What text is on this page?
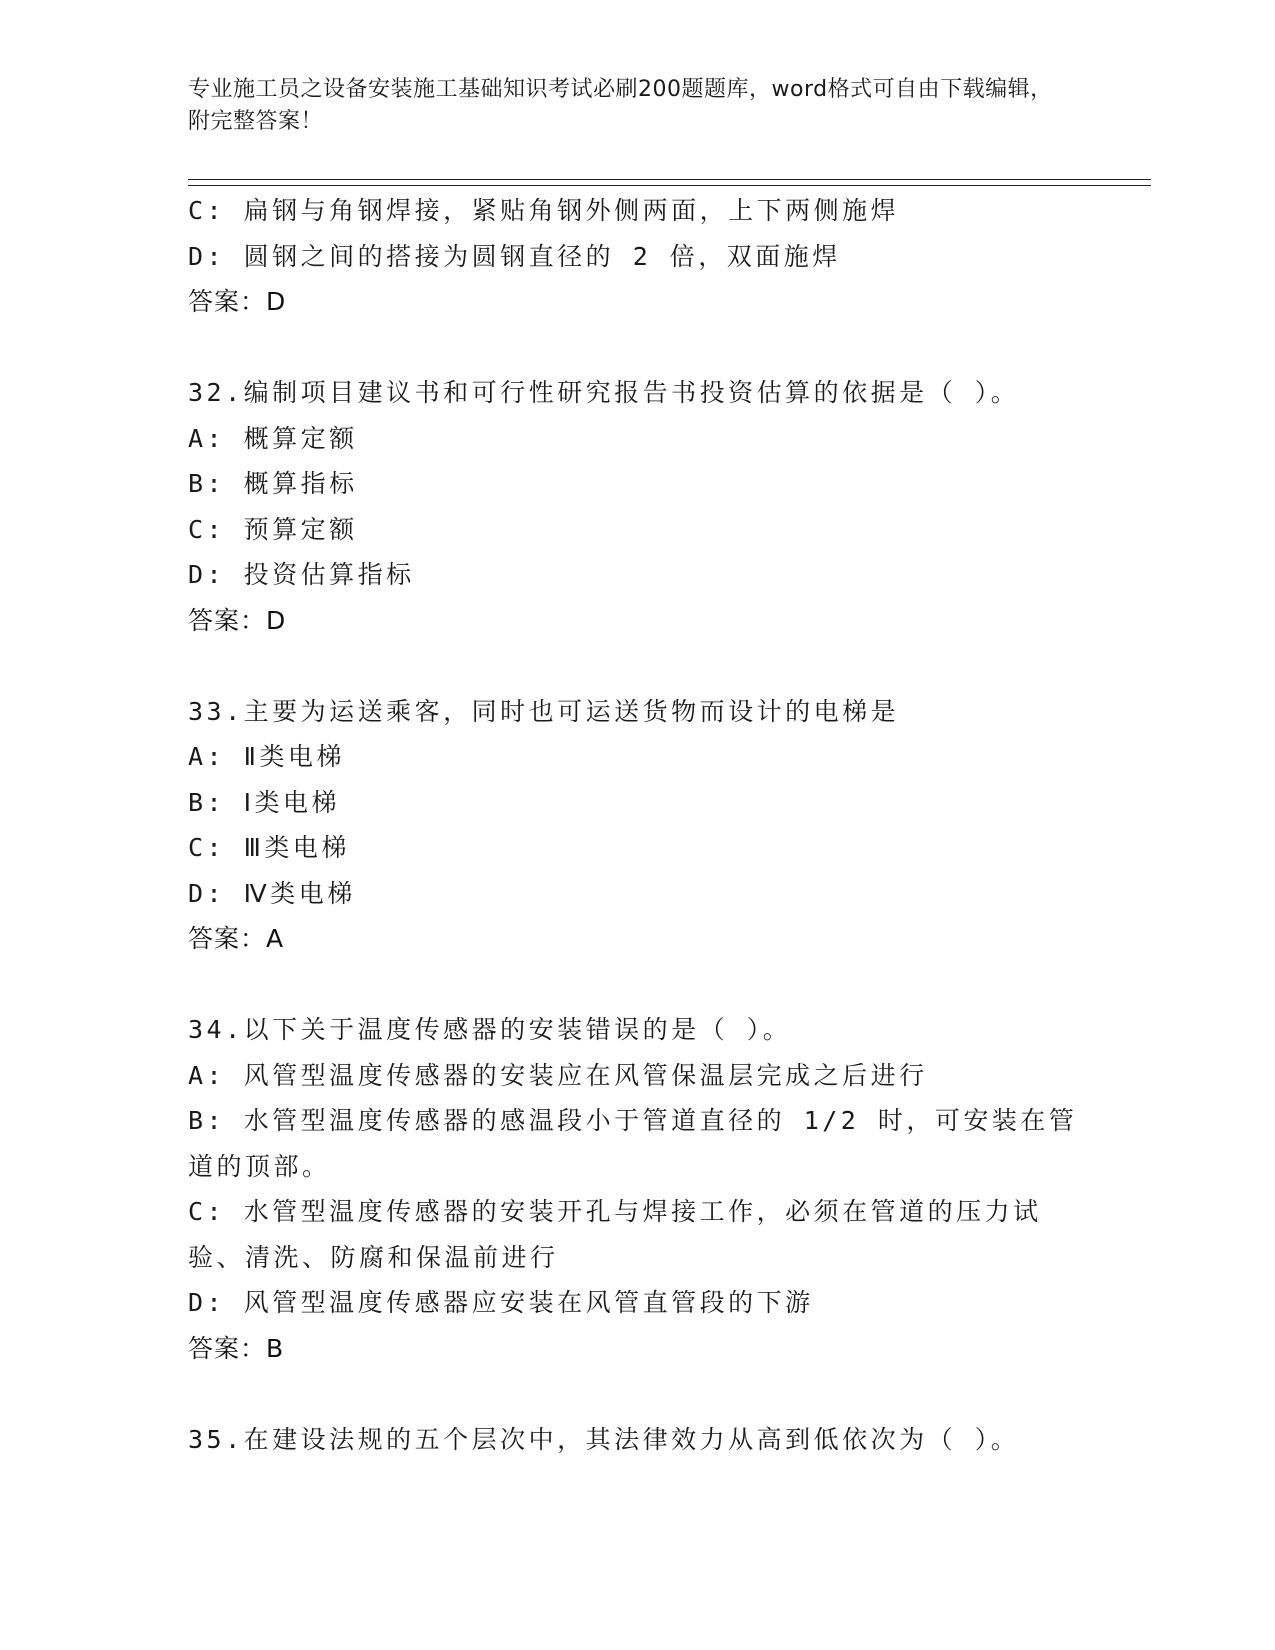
专业施工员之设备安装施工基础知识考试必刷200题题库，word格式可自由下载编辑，附完整答案！
C: 扁钢与角钢焊接，紧贴角钢外侧两面，上下两侧施焊
D: 圆钢之间的搭接为圆钢直径的 2 倍，双面施焊
答案：D
32.编制项目建议书和可行性研究报告书投资估算的依据是（ ）。
A: 概算定额
B: 概算指标
C: 预算定额
D: 投资估算指标
答案：D
33.主要为运送乘客，同时也可运送货物而设计的电梯是
A: Ⅱ类电梯
B: Ⅰ类电梯
C: Ⅲ类电梯
D: Ⅳ类电梯
答案：A
34.以下关于温度传感器的安装错误的是（ ）。
A: 风管型温度传感器的安装应在风管保温层完成之后进行
B: 水管型温度传感器的感温段小于管道直径的 1/2 时，可安装在管道的顶部。
C: 水管型温度传感器的安装开孔与焊接工作，必须在管道的压力试验、清洗、防腐和保温前进行
D: 风管型温度传感器应安装在风管直管段的下游
答案：B
35.在建设法规的五个层次中，其法律效力从高到低依次为（ ）。
